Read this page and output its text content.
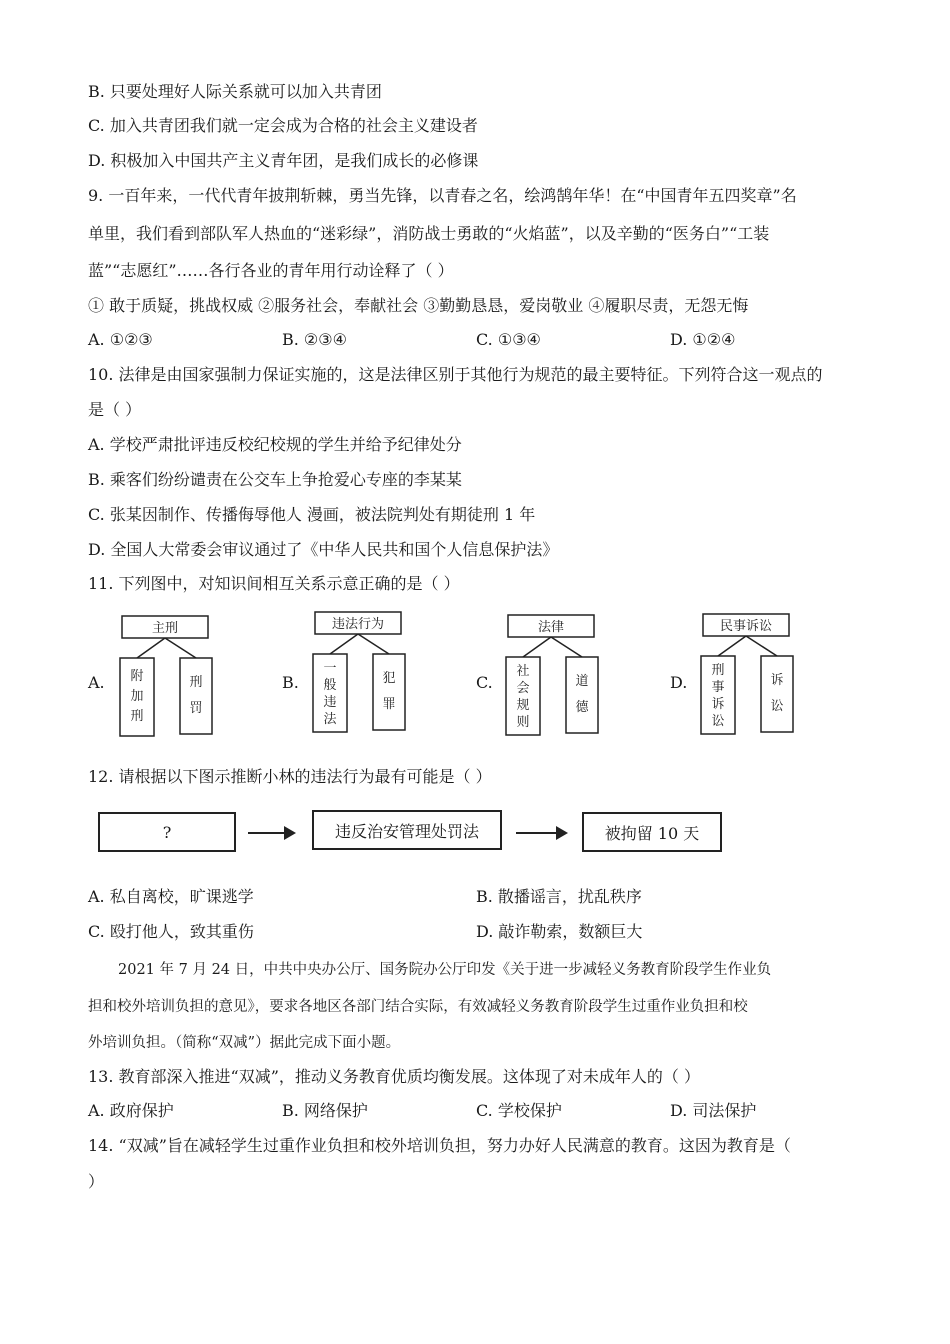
B. 只要处理好人际关系就可以加入共青团
C. 加入共青团我们就一定会成为合格的社会主义建设者
D. 积极加入中国共产主义青年团，是我们成长的必修课
9. 一百年来，一代代青年披荆斩棘，勇当先锋，以青春之名，绘鸿鹄年华！在“中国青年五四奖章”名
单里，我们看到部队军人热血的“迷彩绿”，消防战士勇敢的“火焰蓝”，以及辛勤的“医务白”“工装
蓝”“志愿红”……各行各业的青年用行动诠释了（ ）
① 敢于质疑，挑战权威 ②服务社会，奉献社会 ③勤勤恳恳，爱岗敬业 ④履职尽责，无怨无悔
A. ①②③	B. ②③④	C. ①③④	D. ①②④
10. 法律是由国家强制力保证实施的，这是法律区别于其他行为规范的最主要特征。下列符合这一观点的
是（ ）
A. 学校严肃批评违反校纪校规的学生并给予纪律处分
B. 乘客们纷纷谴责在公交车上争抢爱心专座的李某某
C. 张某因制作、传播侮辱他人 漫画，被法院判处有期徒刑 1 年
D. 全国人大常委会审议通过了《中华人民共和国个人信息保护法》
11. 下列图中，对知识间相互关系示意正确的是（ ）
A.
主刑
附
加
刑
刑
罚
B.
违法行为
一
般
违
法
犯
罪
C.
法律
社
会
规
则
道
德
D.
民事诉讼
刑
事
诉
讼
诉
讼
12. 请根据以下图示推断小林的违法行为最有可能是（ ）
?	违反治安管理处罚法	被拘留 10 天
A. 私自离校，旷课逃学	B. 散播谣言，扰乱秩序
C. 殴打他人，致其重伤	D. 敲诈勒索，数额巨大
2021 年 7 月 24 日，中共中央办公厅、国务院办公厅印发《关于进一步减轻义务教育阶段学生作业负
担和校外培训负担的意见》，要求各地区各部门结合实际，有效减轻义务教育阶段学生过重作业负担和校
外培训负担。（简称“双减”）据此完成下面小题。
13. 教育部深入推进“双减”，推动义务教育优质均衡发展。这体现了对未成年人的（ ）
A. 政府保护	B. 网络保护	C. 学校保护	D. 司法保护
14. “双减”旨在减轻学生过重作业负担和校外培训负担，努力办好人民满意的教育。这因为教育是（
）
